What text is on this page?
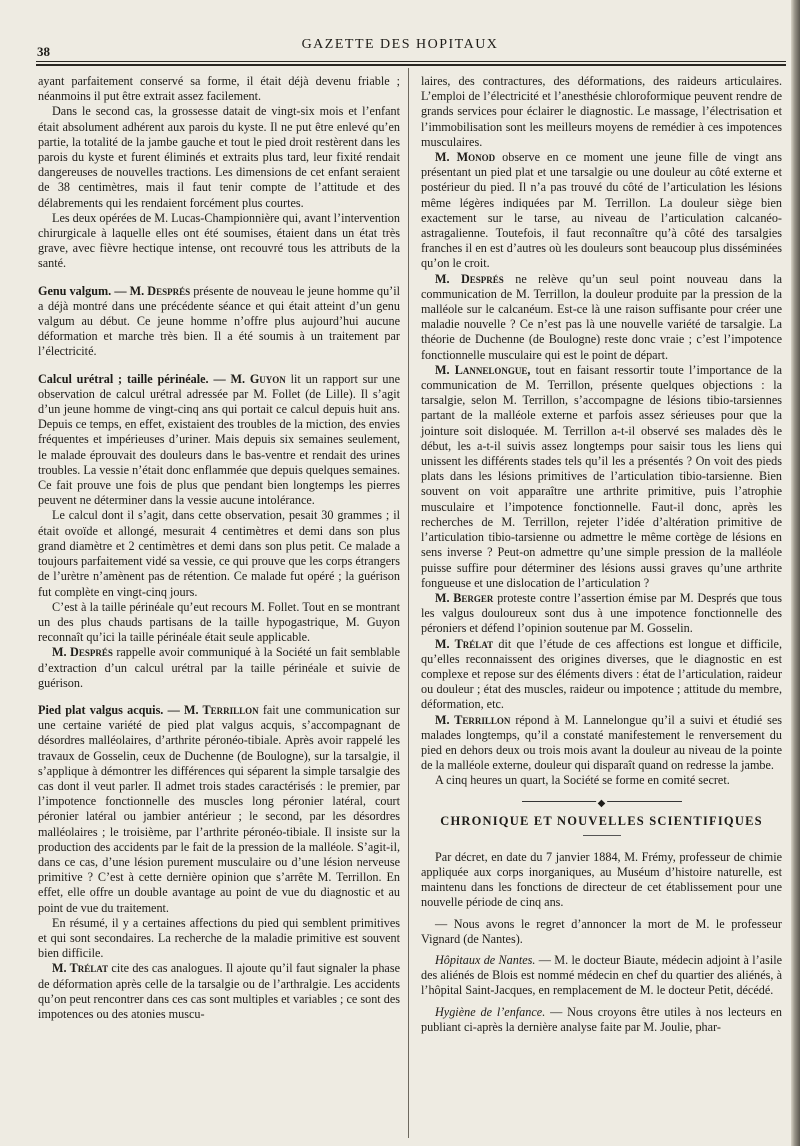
38	GAZETTE DES HOPITAUX

ayant parfaitement conservé sa forme, il était déjà devenu friable ; néanmoins il put être extrait assez facilement.

Dans le second cas, la grossesse datait de vingt-six mois et l’enfant était absolument adhérent aux parois du kyste. Il ne put être enlevé qu’en partie, la totalité de la jambe gauche et tout le pied droit restèrent dans les parois du kyste et furent éliminés et extraits plus tard, leur fixité rendait dangereuses de nouvelles tractions. Les dimensions de cet enfant seraient de 38 centimètres, mais il faut tenir compte de l’attitude et des délabrements qui les rendaient forcément plus courtes.

Les deux opérées de M. Lucas-Championnière qui, avant l’intervention chirurgicale à laquelle elles ont été soumises, étaient dans un état très grave, avec fièvre hectique intense, ont recouvré tous les attributs de la santé.

Genu valgum. — M. Després présente de nouveau le jeune homme qu’il a déjà montré dans une précédente séance et qui était atteint d’un genu valgum au début. Ce jeune homme n’offre plus aujourd’hui aucune déformation et marche très bien. Il a été soumis à un traitement par l’électricité.

Calcul urétral ; taille périnéale. — M. Guyon lit un rapport sur une observation de calcul urétral adressée par M. Follet (de Lille). Il s’agit d’un jeune homme de vingt-cinq ans qui portait ce calcul depuis huit ans. Depuis ce temps, en effet, existaient des troubles de la miction, des envies fréquentes et impérieuses d’uriner. Mais depuis six semaines seulement, le malade éprouvait des douleurs dans le bas-ventre et rendait des urines troubles. La vessie n’était donc enflammée que depuis quelques semaines. Ce fait prouve une fois de plus que pendant bien longtemps les pierres peuvent ne déterminer dans la vessie aucune intolérance.

Le calcul dont il s’agit, dans cette observation, pesait 30 grammes ; il était ovoïde et allongé, mesurait 4 centimètres et demi dans son plus grand diamètre et 2 centimètres et demi dans son plus petit. Ce malade a toujours parfaitement vidé sa vessie, ce qui prouve que les corps étrangers de l’urètre n’amènent pas de rétention. Ce malade fut opéré ; la guérison fut complète en vingt-cinq jours.

C’est à la taille périnéale qu’eut recours M. Follet. Tout en se montrant un des plus chauds partisans de la taille hypogastrique, M. Guyon reconnaît qu’ici la taille périnéale était seule applicable.

M. Després rappelle avoir communiqué à la Société un fait semblable d’extraction d’un calcul urétral par la taille périnéale et suivie de guérison.

Pied plat valgus acquis. — M. Terrillon fait une communication sur une certaine variété de pied plat valgus acquis, s’accompagnant de désordres malléolaires, d’arthrite péronéo-tibiale. Après avoir rappelé les travaux de Gosselin, ceux de Duchenne (de Boulogne), sur la tarsalgie, il s’applique à démontrer les différences qui séparent la simple tarsalgie des cas dont il veut parler. Il admet trois stades caractérisés : le premier, par l’impotence fonctionnelle des muscles long péronier latéral, court péronier latéral ou jambier antérieur ; le second, par les désordres malléolaires ; le troisième, par l’arthrite péronéo-tibiale. Il insiste sur la production des accidents par le fait de la pression de la malléole. S’agit-il, dans ce cas, d’une lésion purement musculaire ou d’une lésion nerveuse primitive ? C’est à cette dernière opinion que s’arrête M. Terrillon. En effet, elle offre un double avantage au point de vue du diagnostic et au point de vue du traitement.

En résumé, il y a certaines affections du pied qui semblent primitives et qui sont secondaires. La recherche de la maladie primitive est souvent bien difficile.

M. Trélat cite des cas analogues. Il ajoute qu’il faut signaler la phase de déformation après celle de la tarsalgie ou de l’arthralgie. Les accidents qu’on peut rencontrer dans ces cas sont multiples et variables ; ce sont des impotences ou des atonies muscu-

laires, des contractures, des déformations, des raideurs articulaires. L’emploi de l’électricité et l’anesthésie chloroformique peuvent rendre de grands services pour éclairer le diagnostic. Le massage, l’électrisation et l’immobilisation sont les meilleurs moyens de remédier à ces impotences musculaires.

M. Monod observe en ce moment une jeune fille de vingt ans présentant un pied plat et une tarsalgie ou une douleur au côté externe et postérieur du pied. Il n’a pas trouvé du côté de l’articulation les lésions même légères indiquées par M. Terrillon. La douleur siège bien exactement sur le tarse, au niveau de l’articulation calcanéo-astragalienne. Toutefois, il faut reconnaître qu’à côté des tarsalgies franches il en est d’autres où les douleurs sont beaucoup plus disséminées qu’on le croit.

M. Després ne relève qu’un seul point nouveau dans la communication de M. Terrillon, la douleur produite par la pression de la malléole sur le calcanéum. Est-ce là une raison suffisante pour créer une maladie nouvelle ? Ce n’est pas là une nouvelle variété de tarsalgie. La théorie de Duchenne (de Boulogne) reste donc vraie ; c’est l’impotence fonctionnelle musculaire qui est le point de départ.

M. Lannelongue, tout en faisant ressortir toute l’importance de la communication de M. Terrillon, présente quelques objections : la tarsalgie, selon M. Terrillon, s’accompagne de lésions tibio-tarsiennes partant de la malléole externe et parfois assez sérieuses pour que la jointure soit disloquée. M. Terrillon a-t-il observé ses malades dès le début, les a-t-il suivis assez longtemps pour saisir tous les liens qui unissent les différents stades tels qu’il les a présentés ? On voit des pieds plats dans les lésions primitives de l’articulation tibio-tarsienne. Bien souvent on voit apparaître une arthrite primitive, puis l’atrophie musculaire et l’impotence fonctionnelle. Faut-il donc, après les recherches de M. Terrillon, rejeter l’idée d’altération primitive de l’articulation tibio-tarsienne ou admettre le même cortège de lésions en sens inverse ? Peut-on admettre qu’une simple pression de la malléole puisse suffire pour déterminer des lésions aussi graves qu’une arthrite fongueuse et une dislocation de l’articulation ?

M. Berger proteste contre l’assertion émise par M. Després que tous les valgus douloureux sont dus à une impotence fonctionnelle des péroniers et défend l’opinion soutenue par M. Gosselin.

M. Trélat dit que l’étude de ces affections est longue et difficile, qu’elles reconnaissent des origines diverses, que le diagnostic en est complexe et repose sur des éléments divers : état de l’articulation, raideur ou douleur ; état des muscles, raideur ou impotence ; attitude du membre, déformation, etc.

M. Terrillon répond à M. Lannelongue qu’il a suivi et étudié ses malades longtemps, qu’il a constaté manifestement le renversement du pied en dehors deux ou trois mois avant la douleur au niveau de la pointe de la malléole externe, douleur qui disparaît quand on redresse la jambe.

A cinq heures un quart, la Société se forme en comité secret.

◆
CHRONIQUE ET NOUVELLES SCIENTIFIQUES

Par décret, en date du 7 janvier 1884, M. Frémy, professeur de chimie appliquée aux corps inorganiques, au Muséum d’histoire naturelle, est maintenu dans les fonctions de directeur de cet établissement pour une nouvelle période de cinq ans.

— Nous avons le regret d’annoncer la mort de M. le professeur Vignard (de Nantes).

Hôpitaux de Nantes. — M. le docteur Biaute, médecin adjoint à l’asile des aliénés de Blois est nommé médecin en chef du quartier des aliénés, à l’hôpital Saint-Jacques, en remplacement de M. le docteur Petit, décédé.

Hygiène de l’enfance. — Nous croyons être utiles à nos lecteurs en publiant ci-après la dernière analyse faite par M. Joulie, phar-
